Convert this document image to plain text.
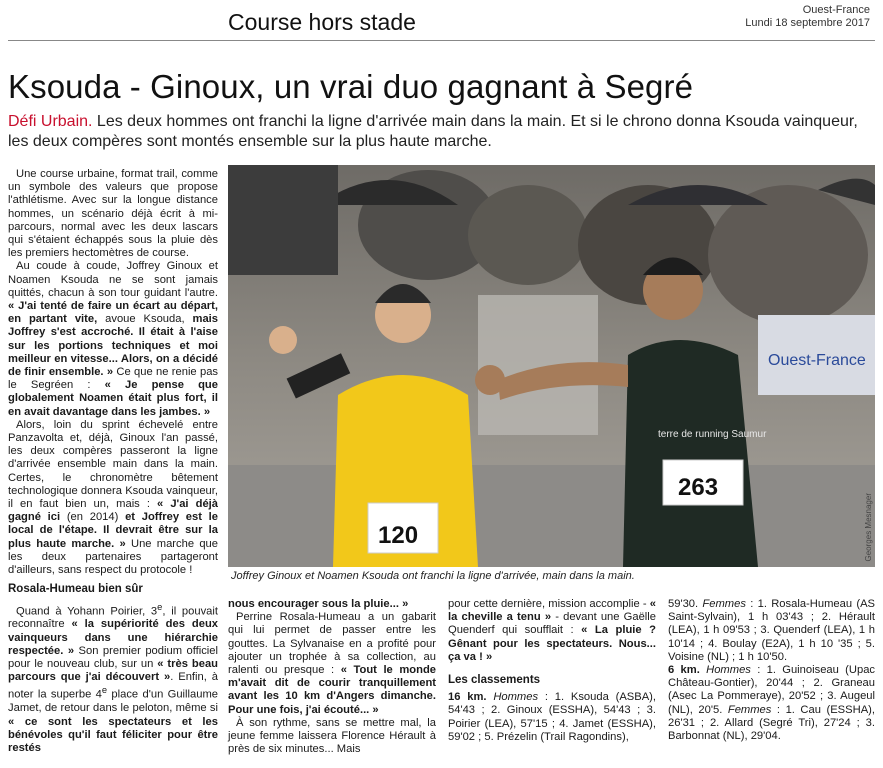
Course hors stade	Ouest-France
Lundi 18 septembre 2017
Ksouda - Ginoux, un vrai duo gagnant à Segré
Défi Urbain. Les deux hommes ont franchi la ligne d'arrivée main dans la main. Et si le chrono donna Ksouda vainqueur, les deux compères sont montés ensemble sur la plus haute marche.

Une course urbaine, format trail, comme un symbole des valeurs que propose l'athlétisme. Avec sur la longue distance hommes, un scénario déjà écrit à mi-parcours, normal avec les deux lascars qui s'étaient échappés sous la pluie dès les premiers hectomètres de course.

Au coude à coude, Joffrey Ginoux et Noamen Ksouda ne se sont jamais quittés, chacun à son tour guidant l'autre. « J'ai tenté de faire un écart au départ, en partant vite, avoue Ksouda, mais Joffrey s'est accroché. Il était à l'aise sur les portions techniques et moi meilleur en vitesse... Alors, on a décidé de finir ensemble. » Ce que ne renie pas le Segréen : « Je pense que globalement Noamen était plus fort, il en avait davantage dans les jambes. »

Alors, loin du sprint échevelé entre Panzavolta et, déjà, Ginoux l'an passé, les deux compères passeront la ligne d'arrivée ensemble main dans la main. Certes, le chronomètre bêtement technologique donnera Ksouda vainqueur, il en faut bien un, mais : « J'ai déjà gagné ici (en 2014) et Joffrey est le local de l'étape. Il devrait être sur la plus haute marche. » Une marche que les deux partenaires partageront d'ailleurs, sans respect du protocole !

Rosala-Humeau bien sûr

Quand à Yohann Poirier, 3e, il pouvait reconnaître « la supériorité des deux vainqueurs dans une hiérarchie respectée. » Son premier podium officiel pour le nouveau club, sur un « très beau parcours que j'ai découvert ». Enfin, à noter la superbe 4e place d'un Guillaume Jamet, de retour dans le peloton, même si « ce sont les spectateurs et les bénévoles qu'il faut féliciter pour être restés

Ouest-France
120
terre de running Saumur
263
Georges Mesnager
Joffrey Ginoux et Noamen Ksouda ont franchi la ligne d'arrivée, main dans la main.

nous encourager sous la pluie... »

Perrine Rosala-Humeau a un gabarit qui lui permet de passer entre les gouttes. La Sylvanaise en a profité pour ajouter un trophée à sa collection, au ralenti ou presque : « Tout le monde m'avait dit de courir tranquillement avant les 10 km d'Angers dimanche. Pour une fois, j'ai écouté... »

À son rythme, sans se mettre mal, la jeune femme laissera Florence Hérault à près de six minutes... Mais

pour cette dernière, mission accomplie - « la cheville a tenu » - devant une Gaëlle Quenderf qui soufflait : « La pluie ? Gênant pour les spectateurs. Nous... ça va ! »

Les classements

16 km. Hommes : 1. Ksouda (ASBA), 54'43 ; 2. Ginoux (ESSHA), 54'43 ; 3. Poirier (LEA), 57'15 ; 4. Jamet (ESSHA), 59'02 ; 5. Prézelin (Trail Ragondins),

59'30. Femmes : 1. Rosala-Humeau (AS Saint-Sylvain), 1 h 03'43 ; 2. Hérault (LEA), 1 h 09'53 ; 3. Quenderf (LEA), 1 h 10'14 ; 4. Boulay (E2A), 1 h 10 '35 ; 5. Voisine (NL) ; 1 h 10'50.

6 km. Hommes : 1. Guinoiseau (Upac Château-Gontier), 20'44 ; 2. Graneau (Asec La Pommeraye), 20'52 ; 3. Augeul (NL), 20'5. Femmes : 1. Cau (ESSHA), 26'31 ; 2. Allard (Segré Tri), 27'24 ; 3. Barbonnat (NL), 29'04.
